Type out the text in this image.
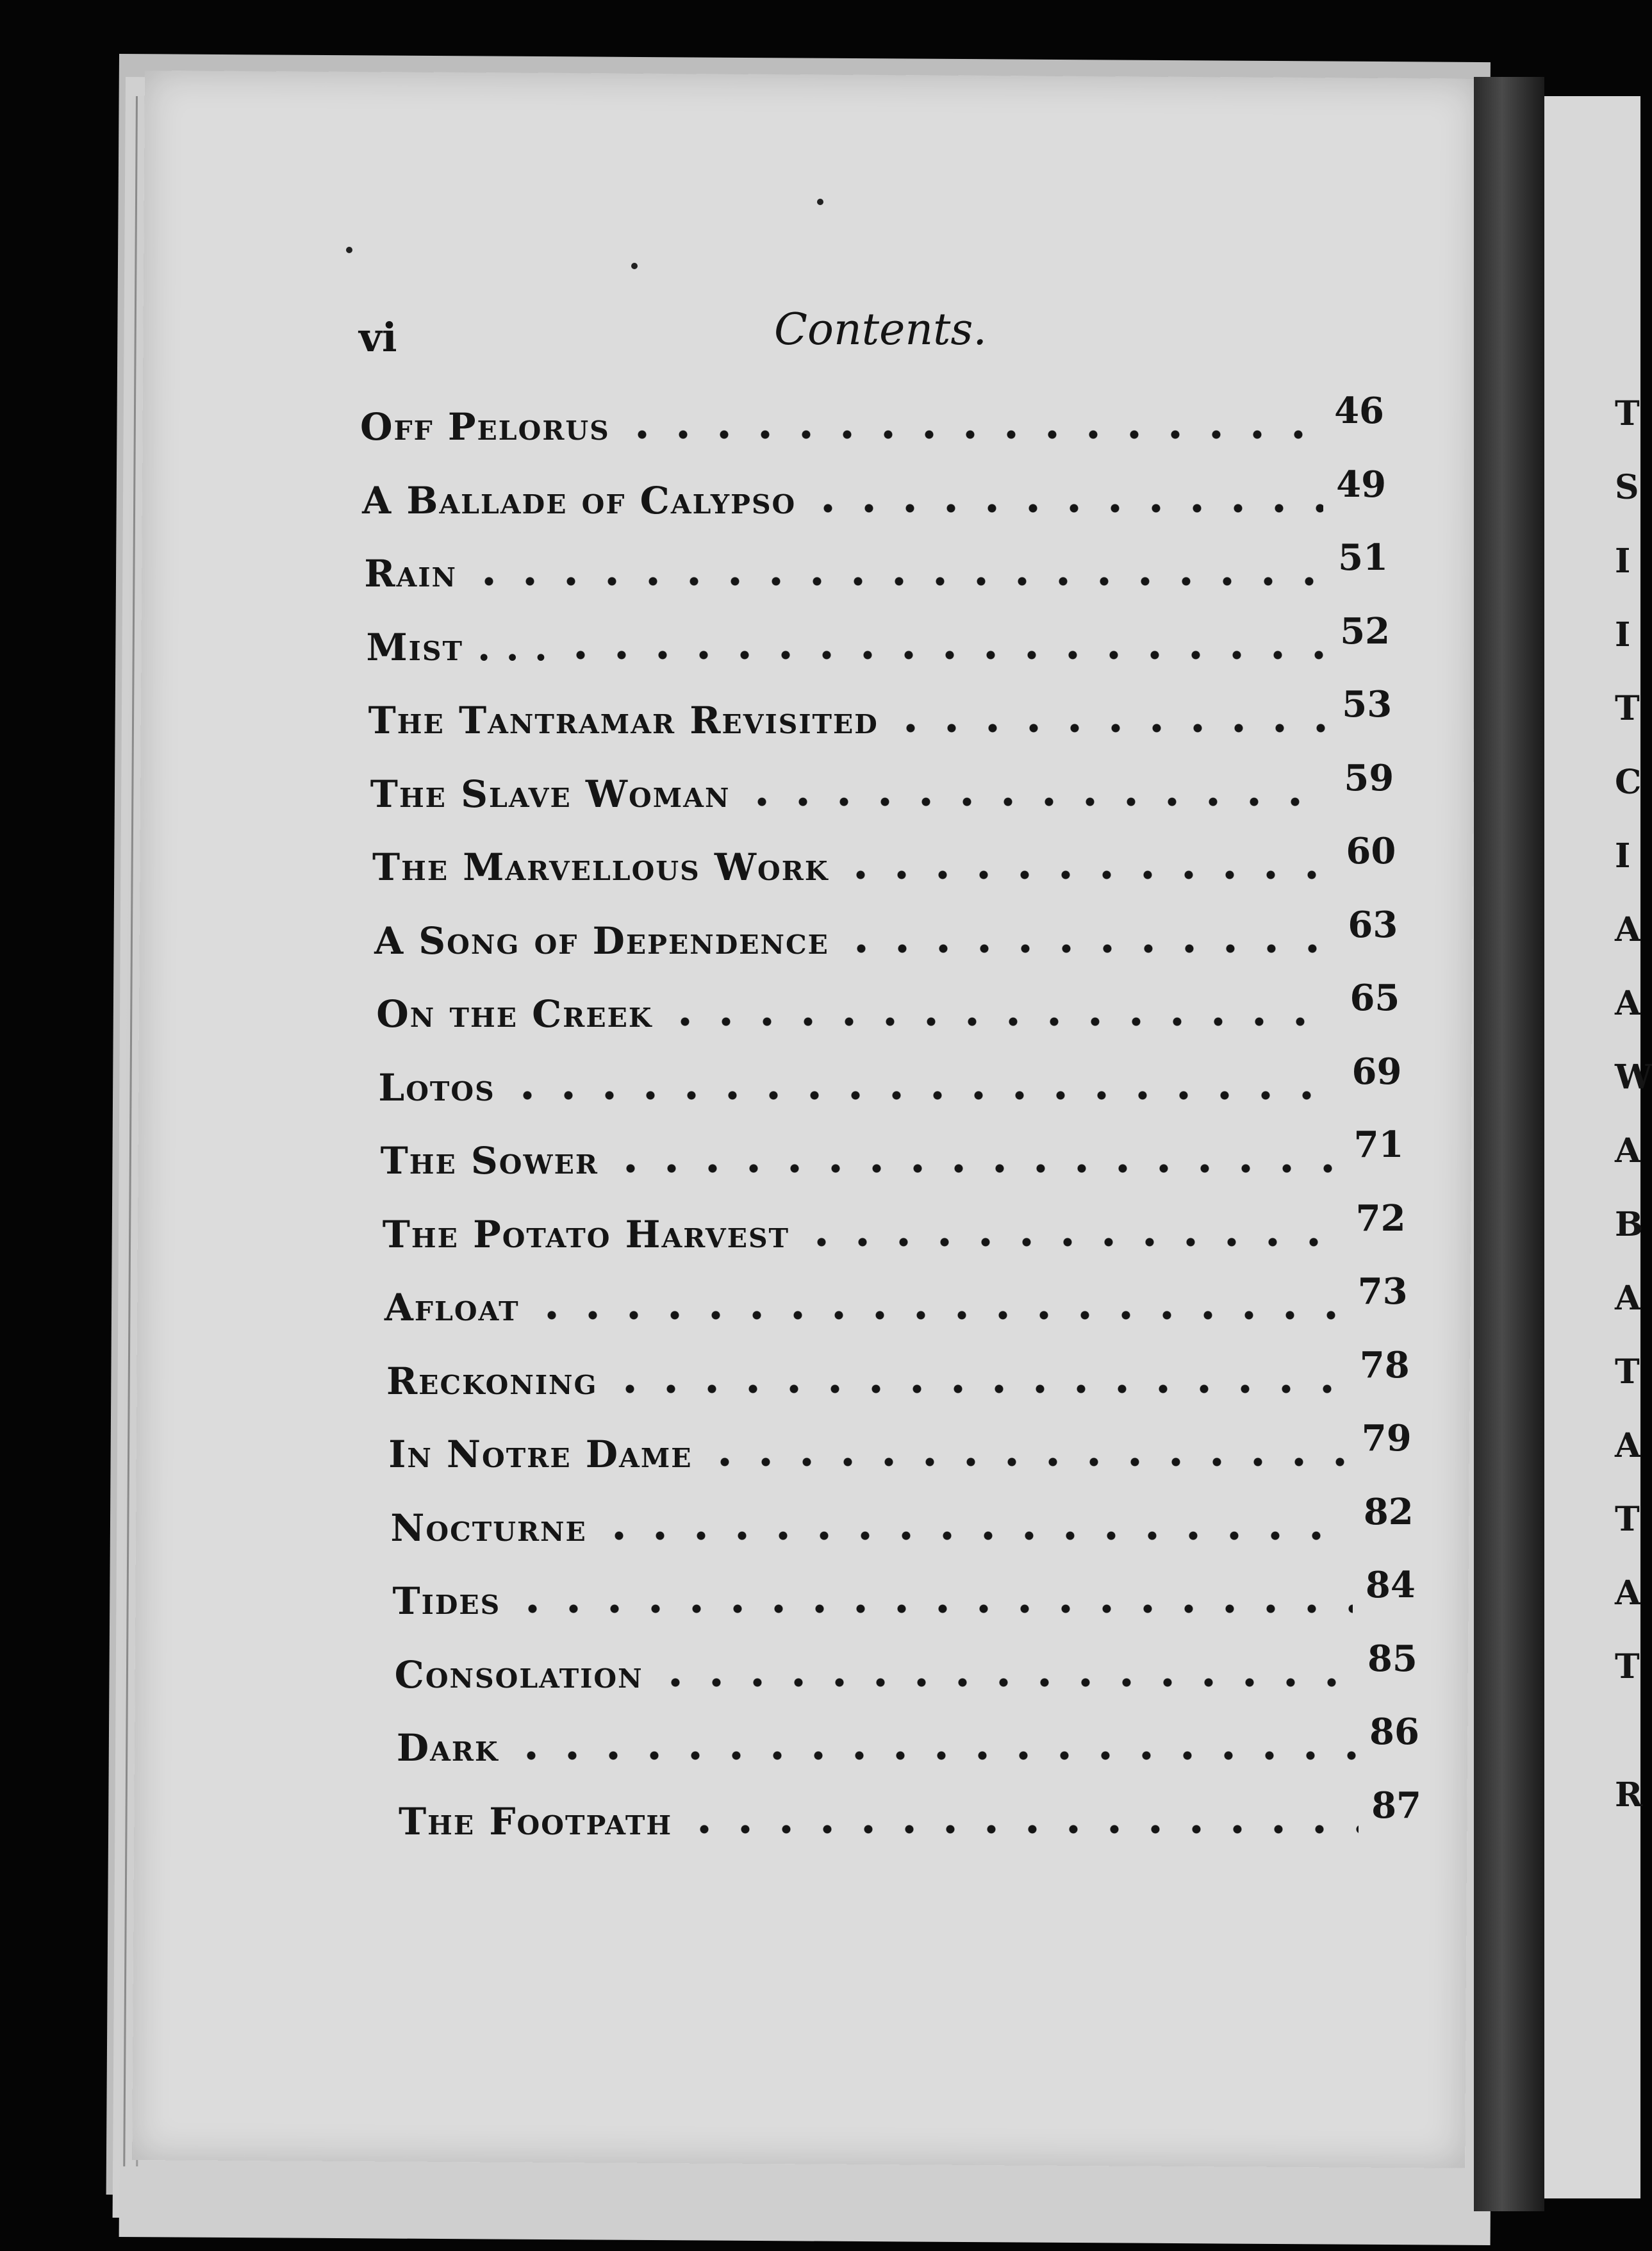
T
S
I
I
T
C
I
A
A
W
A
B
A
T
A
T
A
T
R
vi	Contents.
Off Pelorus	46
A Ballade of Calypso	49
Rain	51
Mist . . .	52
The Tantramar Revisited	53
The Slave Woman	59
The Marvellous Work	60
A Song of Dependence	63
On the Creek	65
Lotos	69
The Sower	71
The Potato Harvest	72
Afloat	73
Reckoning	78
In Notre Dame	79
Nocturne	82
Tides	84
Consolation	85
Dark	86
The Footpath	87
